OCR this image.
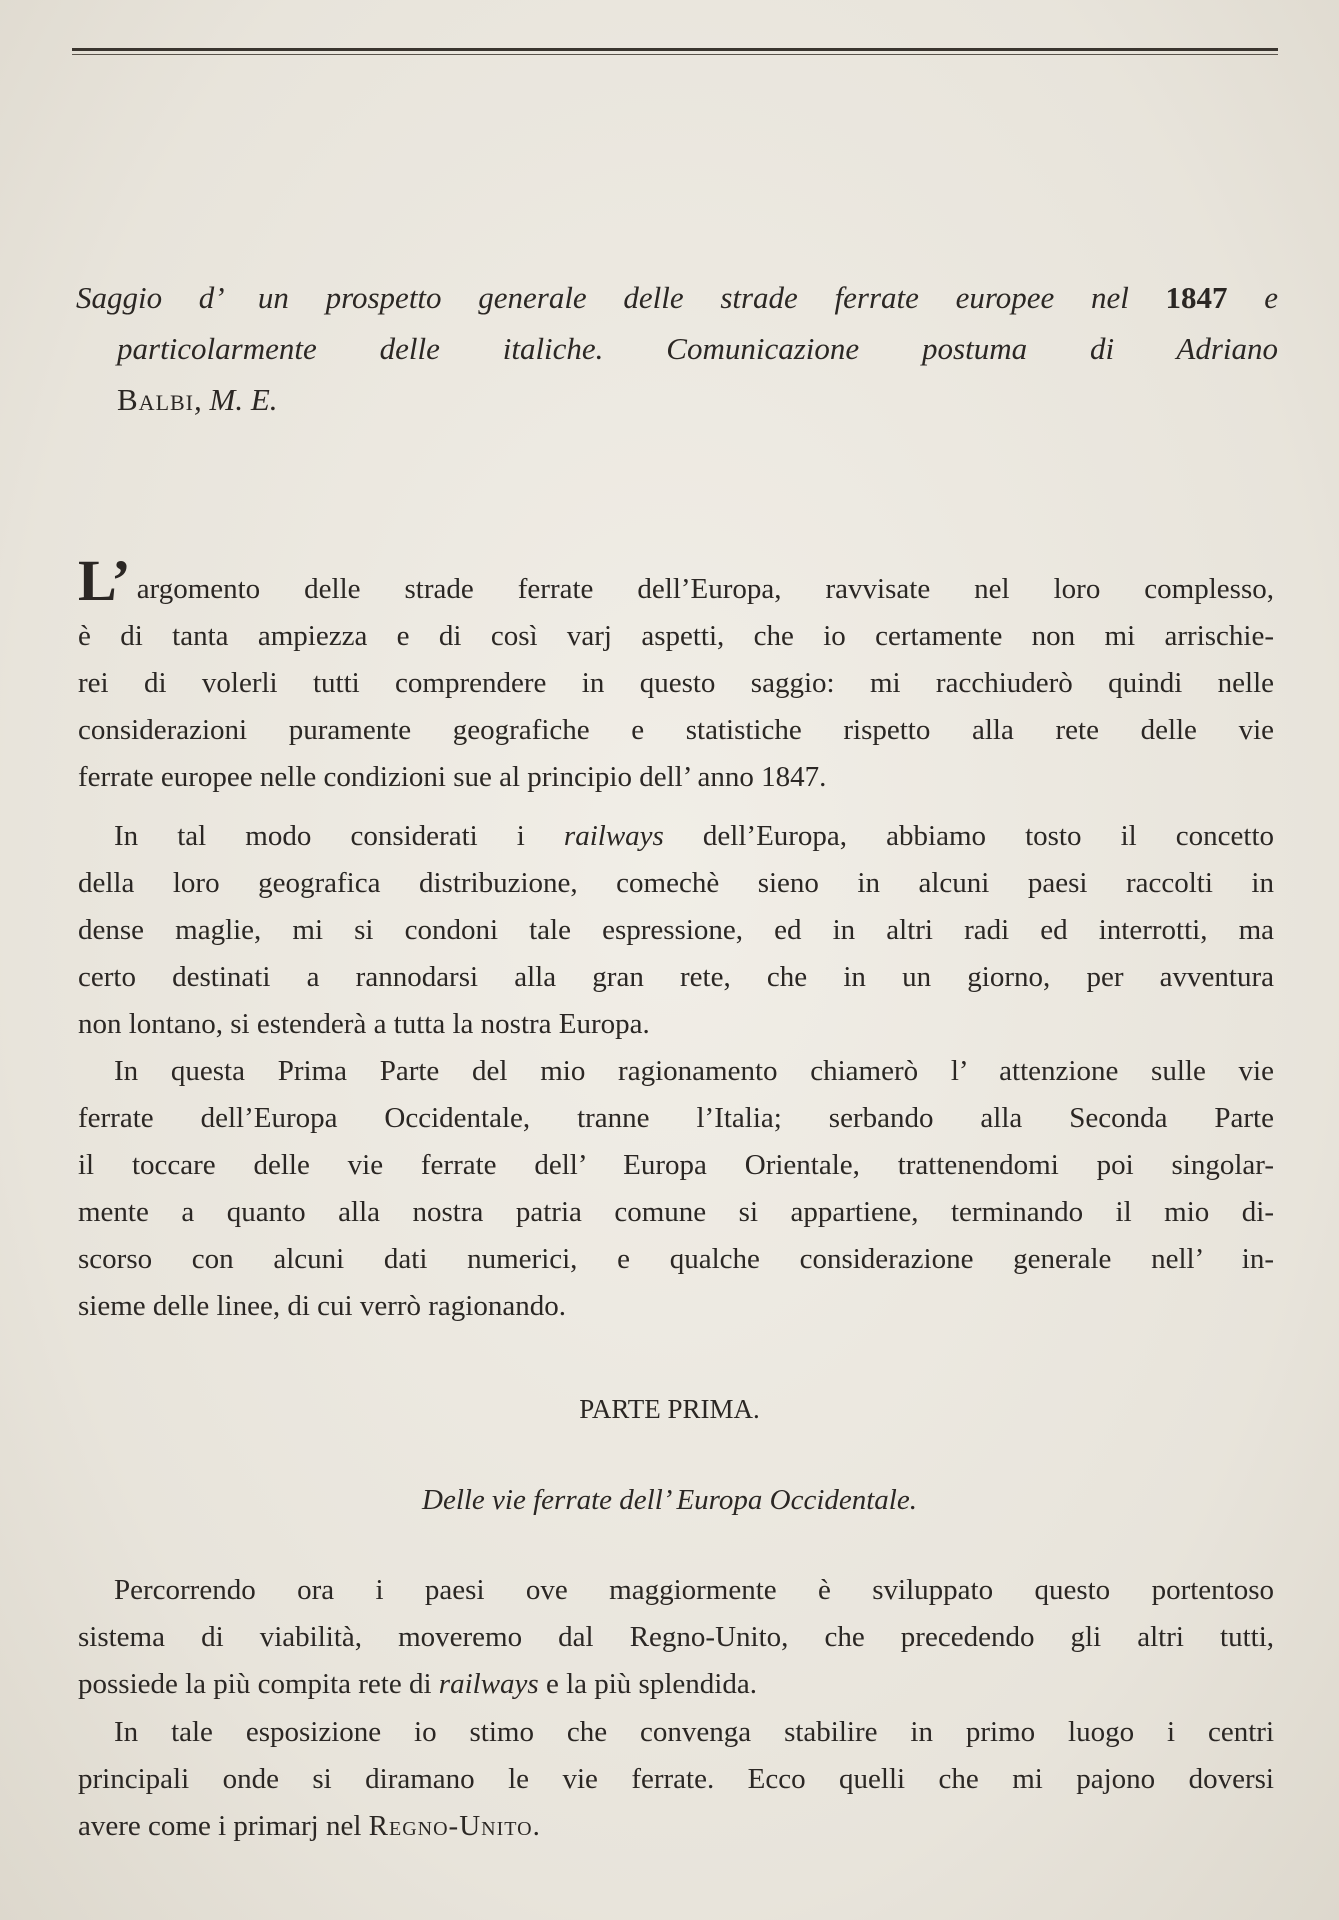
Saggio d’ un prospetto generale delle strade ferrate europee nel 1847 e
particolarmente delle italiche. Comunicazione postuma di Adriano
Balbi, M. E.
L’ argomento delle strade ferrate dell’Europa, ravvisate nel loro complesso,
è di tanta ampiezza e di così varj aspetti, che io certamente non mi arrischie-
rei di volerli tutti comprendere in questo saggio: mi racchiuderò quindi nelle
considerazioni puramente geografiche e statistiche rispetto alla rete delle vie
ferrate europee nelle condizioni sue al principio dell’ anno 1847.
In tal modo considerati i railways dell’Europa, abbiamo tosto il concetto
della loro geografica distribuzione, comechè sieno in alcuni paesi raccolti in
dense maglie, mi si condoni tale espressione, ed in altri radi ed interrotti, ma
certo destinati a rannodarsi alla gran rete, che in un giorno, per avventura
non lontano, si estenderà a tutta la nostra Europa.
In questa Prima Parte del mio ragionamento chiamerò l’ attenzione sulle vie
ferrate dell’Europa Occidentale, tranne l’Italia; serbando alla Seconda Parte
il toccare delle vie ferrate dell’ Europa Orientale, trattenendomi poi singolar-
mente a quanto alla nostra patria comune si appartiene, terminando il mio di-
scorso con alcuni dati numerici, e qualche considerazione generale nell’ in-
sieme delle linee, di cui verrò ragionando.
PARTE PRIMA.
Delle vie ferrate dell’ Europa Occidentale.
Percorrendo ora i paesi ove maggiormente è sviluppato questo portentoso
sistema di viabilità, moveremo dal Regno-Unito, che precedendo gli altri tutti,
possiede la più compita rete di railways e la più splendida.
In tale esposizione io stimo che convenga stabilire in primo luogo i centri
principali onde si diramano le vie ferrate. Ecco quelli che mi pajono doversi
avere come i primarj nel Regno-Unito.
